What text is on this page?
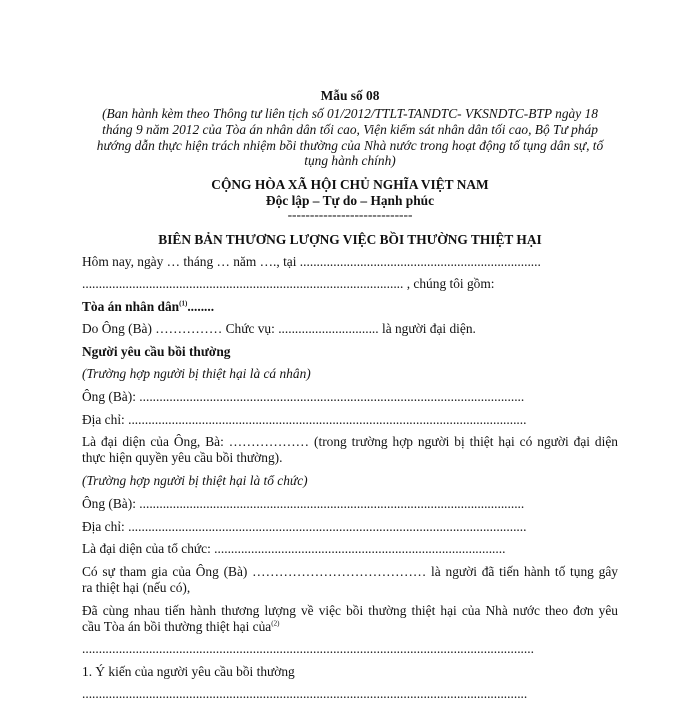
Mẫu số 08
(Ban hành kèm theo Thông tư liên tịch số 01/2012/TTLT-TANDTC- VKSNDTC-BTP ngày 18
tháng 9 năm 2012 của Tòa án nhân dân tối cao, Viện kiểm sát nhân dân tối cao, Bộ Tư pháp
hướng dẫn thực hiện trách nhiệm bồi thường của Nhà nước trong hoạt động tố tụng dân sự, tố
tụng hành chính)
CỘNG HÒA XÃ HỘI CHỦ NGHĨA VIỆT NAM
Độc lập – Tự do – Hạnh phúc
----------------------------
BIÊN BẢN THƯƠNG LƯỢNG VIỆC BỒI THƯỜNG THIỆT HẠI
Hôm nay, ngày … tháng … năm …., tại ........................................................................
................................................................................................ , chúng tôi gồm:
Tòa án nhân dân$^{(1)}$........
Do Ông (Bà) …………… Chức vụ: .............................. là người đại diện.
Người yêu cầu bồi thường
(Trường hợp người bị thiệt hại là cá nhân)
Ông (Bà): ...................................................................................................................
Địa chỉ: .......................................................................................................................
Là đại diện của Ông, Bà: ……………… (trong trường hợp người bị thiệt hại có người đại diện
thực hiện quyền yêu cầu bồi thường).
(Trường hợp người bị thiệt hại là tổ chức)
Ông (Bà): ...................................................................................................................
Địa chỉ: .......................................................................................................................
Là đại diện của tổ chức: .......................................................................................
Có sự tham gia của Ông (Bà) ………………………………… là người đã tiến hành tố tụng gây
ra thiệt hại (nếu có),
Đã cùng nhau tiến hành thương lượng về việc bồi thường thiệt hại của Nhà nước theo đơn yêu
cầu Tòa án bồi thường thiệt hại của$^{(2)}$
.......................................................................................................................................
1. Ý kiến của người yêu cầu bồi thường
.....................................................................................................................................
